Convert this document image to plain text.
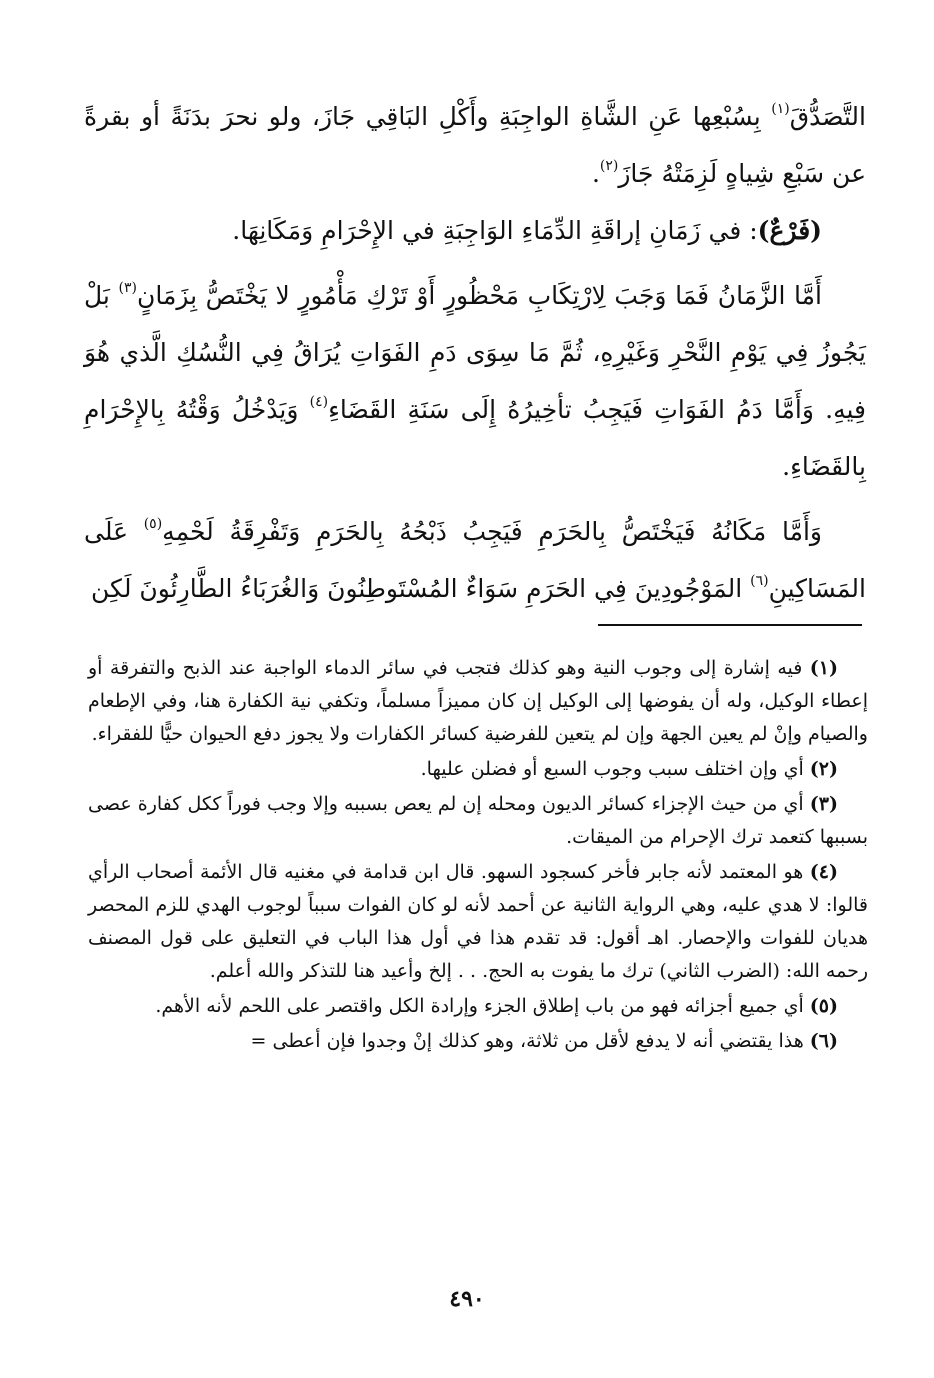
التَّصَدُّقَ$^{(١)}$ بِسُبْعِها عَنِ الشَّاةِ الواجِبَةِ وأَكْلِ البَاقِي جَازَ، ولو نحرَ بدَنَةً أو بقرةً عن سَبْعِ شِياهٍ لَزِمَتْهُ جَازَ$^{(٢)}$.

(فَرْعٌ): في زَمَانِ إراقَةِ الدِّمَاءِ الوَاجِبَةِ في الإِحْرَامِ وَمَكَانِهَا.

أَمَّا الزَّمَانُ فَمَا وَجَبَ لِارْتِكَابِ مَحْظُورٍ أَوْ تَرْكِ مَأْمُورٍ لا يَخْتَصُّ بِزَمَانٍ$^{(٣)}$ بَلْ يَجُوزُ فِي يَوْمِ النَّحْرِ وَغَيْرِهِ، ثُمَّ مَا سِوَى دَمِ الفَوَاتِ يُرَاقُ فِي النُّسُكِ الَّذي هُوَ فِيهِ. وَأَمَّا دَمُ الفَوَاتِ فَيَجِبُ تأخِيرُهُ إِلَى سَنَةِ القَضَاءِ$^{(٤)}$ وَيَدْخُلُ وَقْتُهُ بِالإِحْرَامِ بِالقَضَاءِ.

وَأَمَّا مَكَانُهُ فَيَخْتَصُّ بِالحَرَمِ فَيَجِبُ ذَبْحُهُ بِالحَرَمِ وَتَفْرِقَةُ لَحْمِهِ$^{(٥)}$ عَلَى المَسَاكِينِ$^{(٦)}$ المَوْجُودِينَ فِي الحَرَمِ سَوَاءٌ المُسْتَوطِنُونَ وَالغُرَبَاءُ الطَّارِئُونَ لَكِن

(١) فيه إشارة إلى وجوب النية وهو كذلك فتجب في سائر الدماء الواجبة عند الذبح والتفرقة أو إعطاء الوكيل، وله أن يفوضها إلى الوكيل إن كان مميزاً مسلماً، وتكفي نية الكفارة هنا، وفي الإطعام والصيام وإنْ لم يعين الجهة وإن لم يتعين للفرضية كسائر الكفارات ولا يجوز دفع الحيوان حيًّا للفقراء.

(٢) أي وإن اختلف سبب وجوب السبع أو فضلن عليها.

(٣) أي من حيث الإجزاء كسائر الديون ومحله إن لم يعص بسببه وإلا وجب فوراً ككل كفارة عصى بسببها كتعمد ترك الإحرام من الميقات.

(٤) هو المعتمد لأنه جابر فأخر كسجود السهو. قال ابن قدامة في مغنيه قال الأئمة أصحاب الرأي قالوا: لا هدي عليه، وهي الرواية الثانية عن أحمد لأنه لو كان الفوات سبباً لوجوب الهدي للزم المحصر هديان للفوات والإحصار. اهـ أقول: قد تقدم هذا في أول هذا الباب في التعليق على قول المصنف رحمه الله: (الضرب الثاني) ترك ما يفوت به الحج. . . إلخ وأعيد هنا للتذكر والله أعلم.

(٥) أي جميع أجزائه فهو من باب إطلاق الجزء وإرادة الكل واقتصر على اللحم لأنه الأهم.

(٦) هذا يقتضي أنه لا يدفع لأقل من ثلاثة، وهو كذلك إنْ وجدوا فإن أعطى =

٤٩٠
